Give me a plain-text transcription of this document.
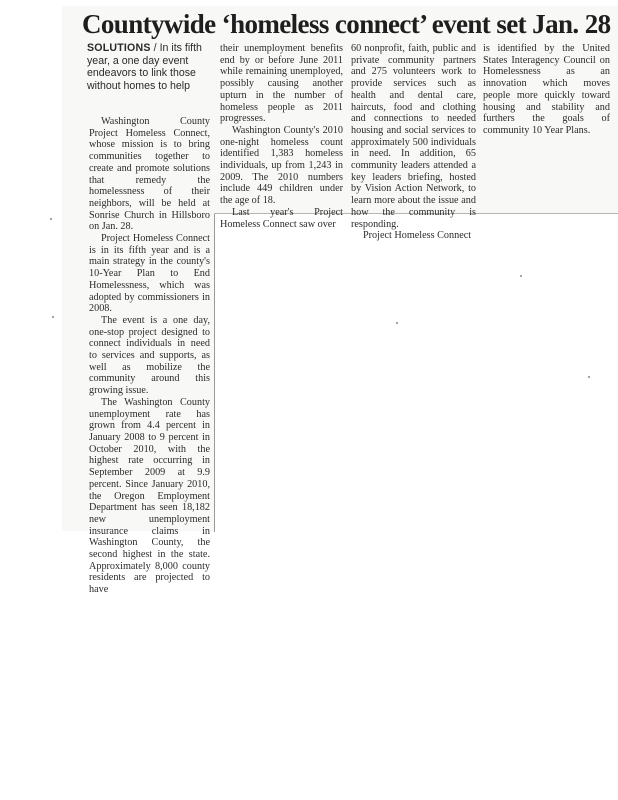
Countywide ‘homeless connect’ event set Jan. 28
SOLUTIONS / In its fifth year, a one day event endeavors to link those without homes to help

Washington County Project Homeless Connect, whose mission is to bring communities together to create and promote solutions that remedy the homelessness of their neighbors, will be held at Sonrise Church in Hillsboro on Jan. 28.

Project Homeless Connect is in its fifth year and is a main strategy in the county's 10-Year Plan to End Homelessness, which was adopted by commissioners in 2008.

The event is a one day, one-stop project designed to connect individuals in need to services and supports, as well as mobilize the community around this growing issue.

The Washington County unemployment rate has grown from 4.4 percent in January 2008 to 9 percent in October 2010, with the highest rate occurring in September 2009 at 9.9 percent. Since January 2010, the Oregon Employment Department has seen 18,182 new unemployment insurance claims in Washington County, the second highest in the state. Approximately 8,000 county residents are projected to have

their unemployment benefits end by or before June 2011 while remaining unemployed, possibly causing another upturn in the number of homeless people as 2011 progresses.

Washington County's 2010 one-night homeless count identified 1,383 homeless individuals, up from 1,243 in 2009. The 2010 numbers include 449 children under the age of 18.

Last year's Project Homeless Connect saw over

60 nonprofit, faith, public and private community partners and 275 volunteers work to provide services such as health and dental care, haircuts, food and clothing and connections to needed housing and social services to approximately 500 individuals in need. In addition, 65 community leaders attended a key leaders briefing, hosted by Vision Action Network, to learn more about the issue and how the community is responding.

Project Homeless Connect

is identified by the United States Interagency Council on Homelessness as an innovation which moves people more quickly toward housing and stability and furthers the goals of community 10 Year Plans.
